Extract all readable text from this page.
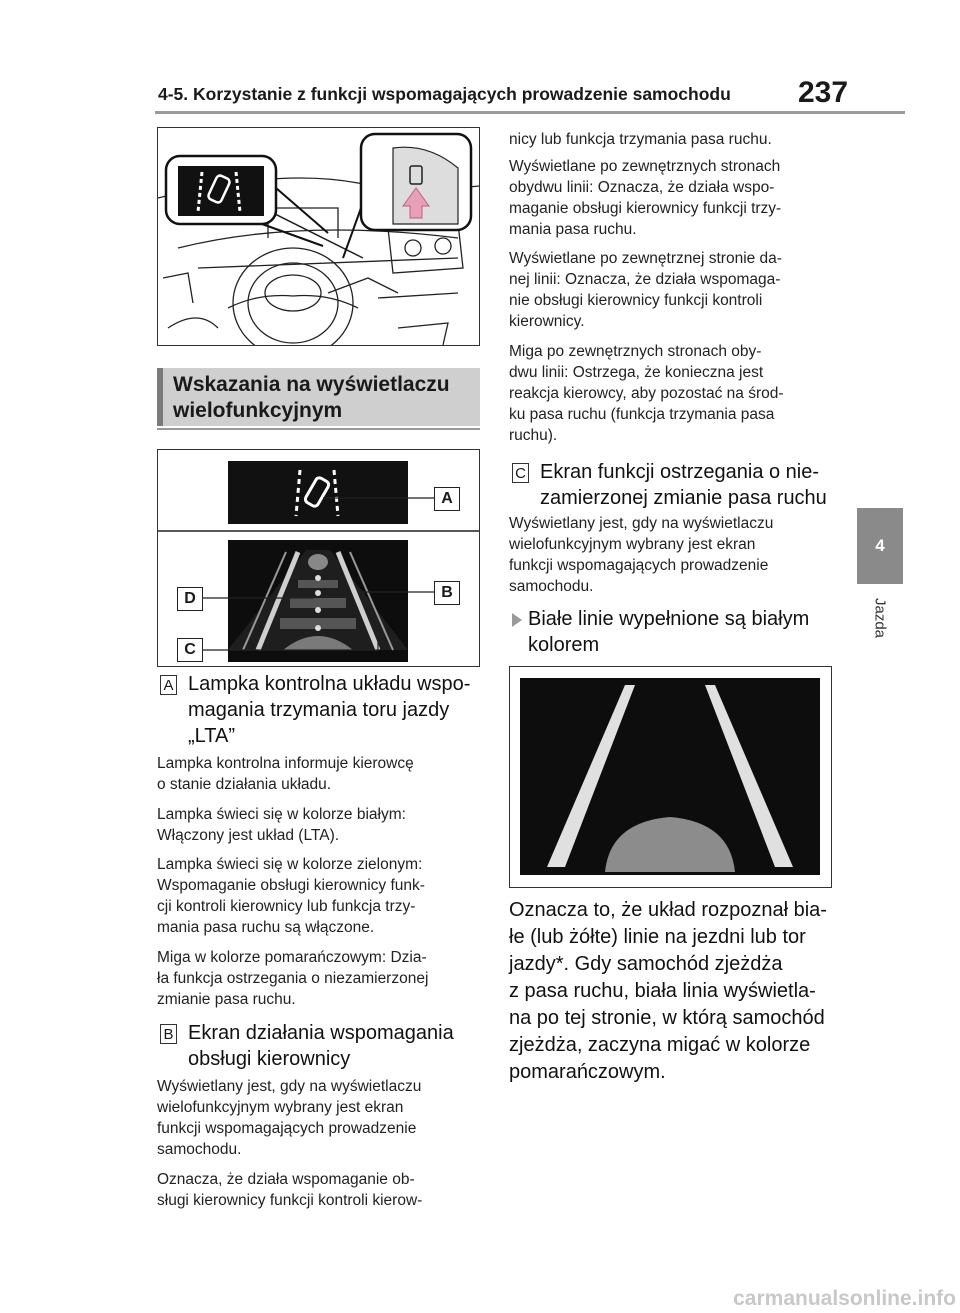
4-5. Korzystanie z funkcji wspomagających prowadzenie samochodu 237
4
Jazda
Wskazania na wyświetlaczu wielofunkcyjnym
A
B
D
C
A Lampka kontrolna układu wspo-
magania trzymania toru jazdy
„LTA”
Lampka kontrolna informuje kierowcę
o stanie działania układu.
Lampka świeci się w kolorze białym:
Włączony jest układ (LTA).
Lampka świeci się w kolorze zielonym:
Wspomaganie obsługi kierownicy funk-
cji kontroli kierownicy lub funkcja trzy-
mania pasa ruchu są włączone.
Miga w kolorze pomarańczowym: Dzia-
ła funkcja ostrzegania o niezamierzonej
zmianie pasa ruchu.
B Ekran działania wspomagania
obsługi kierownicy
Wyświetlany jest, gdy na wyświetlaczu
wielofunkcyjnym wybrany jest ekran
funkcji wspomagających prowadzenie
samochodu.
Oznacza, że działa wspomaganie ob-
sługi kierownicy funkcji kontroli kierow-
nicy lub funkcja trzymania pasa ruchu.
Wyświetlane po zewnętrznych stronach
obydwu linii: Oznacza, że działa wspo-
maganie obsługi kierownicy funkcji trzy-
mania pasa ruchu.
Wyświetlane po zewnętrznej stronie da-
nej linii: Oznacza, że działa wspomaga-
nie obsługi kierownicy funkcji kontroli
kierownicy.
Miga po zewnętrznych stronach oby-
dwu linii: Ostrzega, że konieczna jest
reakcja kierowcy, aby pozostać na środ-
ku pasa ruchu (funkcja trzymania pasa
ruchu).
C Ekran funkcji ostrzegania o nie-
zamierzonej zmianie pasa ruchu
Wyświetlany jest, gdy na wyświetlaczu
wielofunkcyjnym wybrany jest ekran
funkcji wspomagających prowadzenie
samochodu.
Białe linie wypełnione są białym
kolorem
Oznacza to, że układ rozpoznał bia-
łe (lub żółte) linie na jezdni lub tor
jazdy*. Gdy samochód zjeżdża
z pasa ruchu, biała linia wyświetla-
na po tej stronie, w którą samochód
zjeżdża, zaczyna migać w kolorze
pomarańczowym.
carmanualsonline.info
